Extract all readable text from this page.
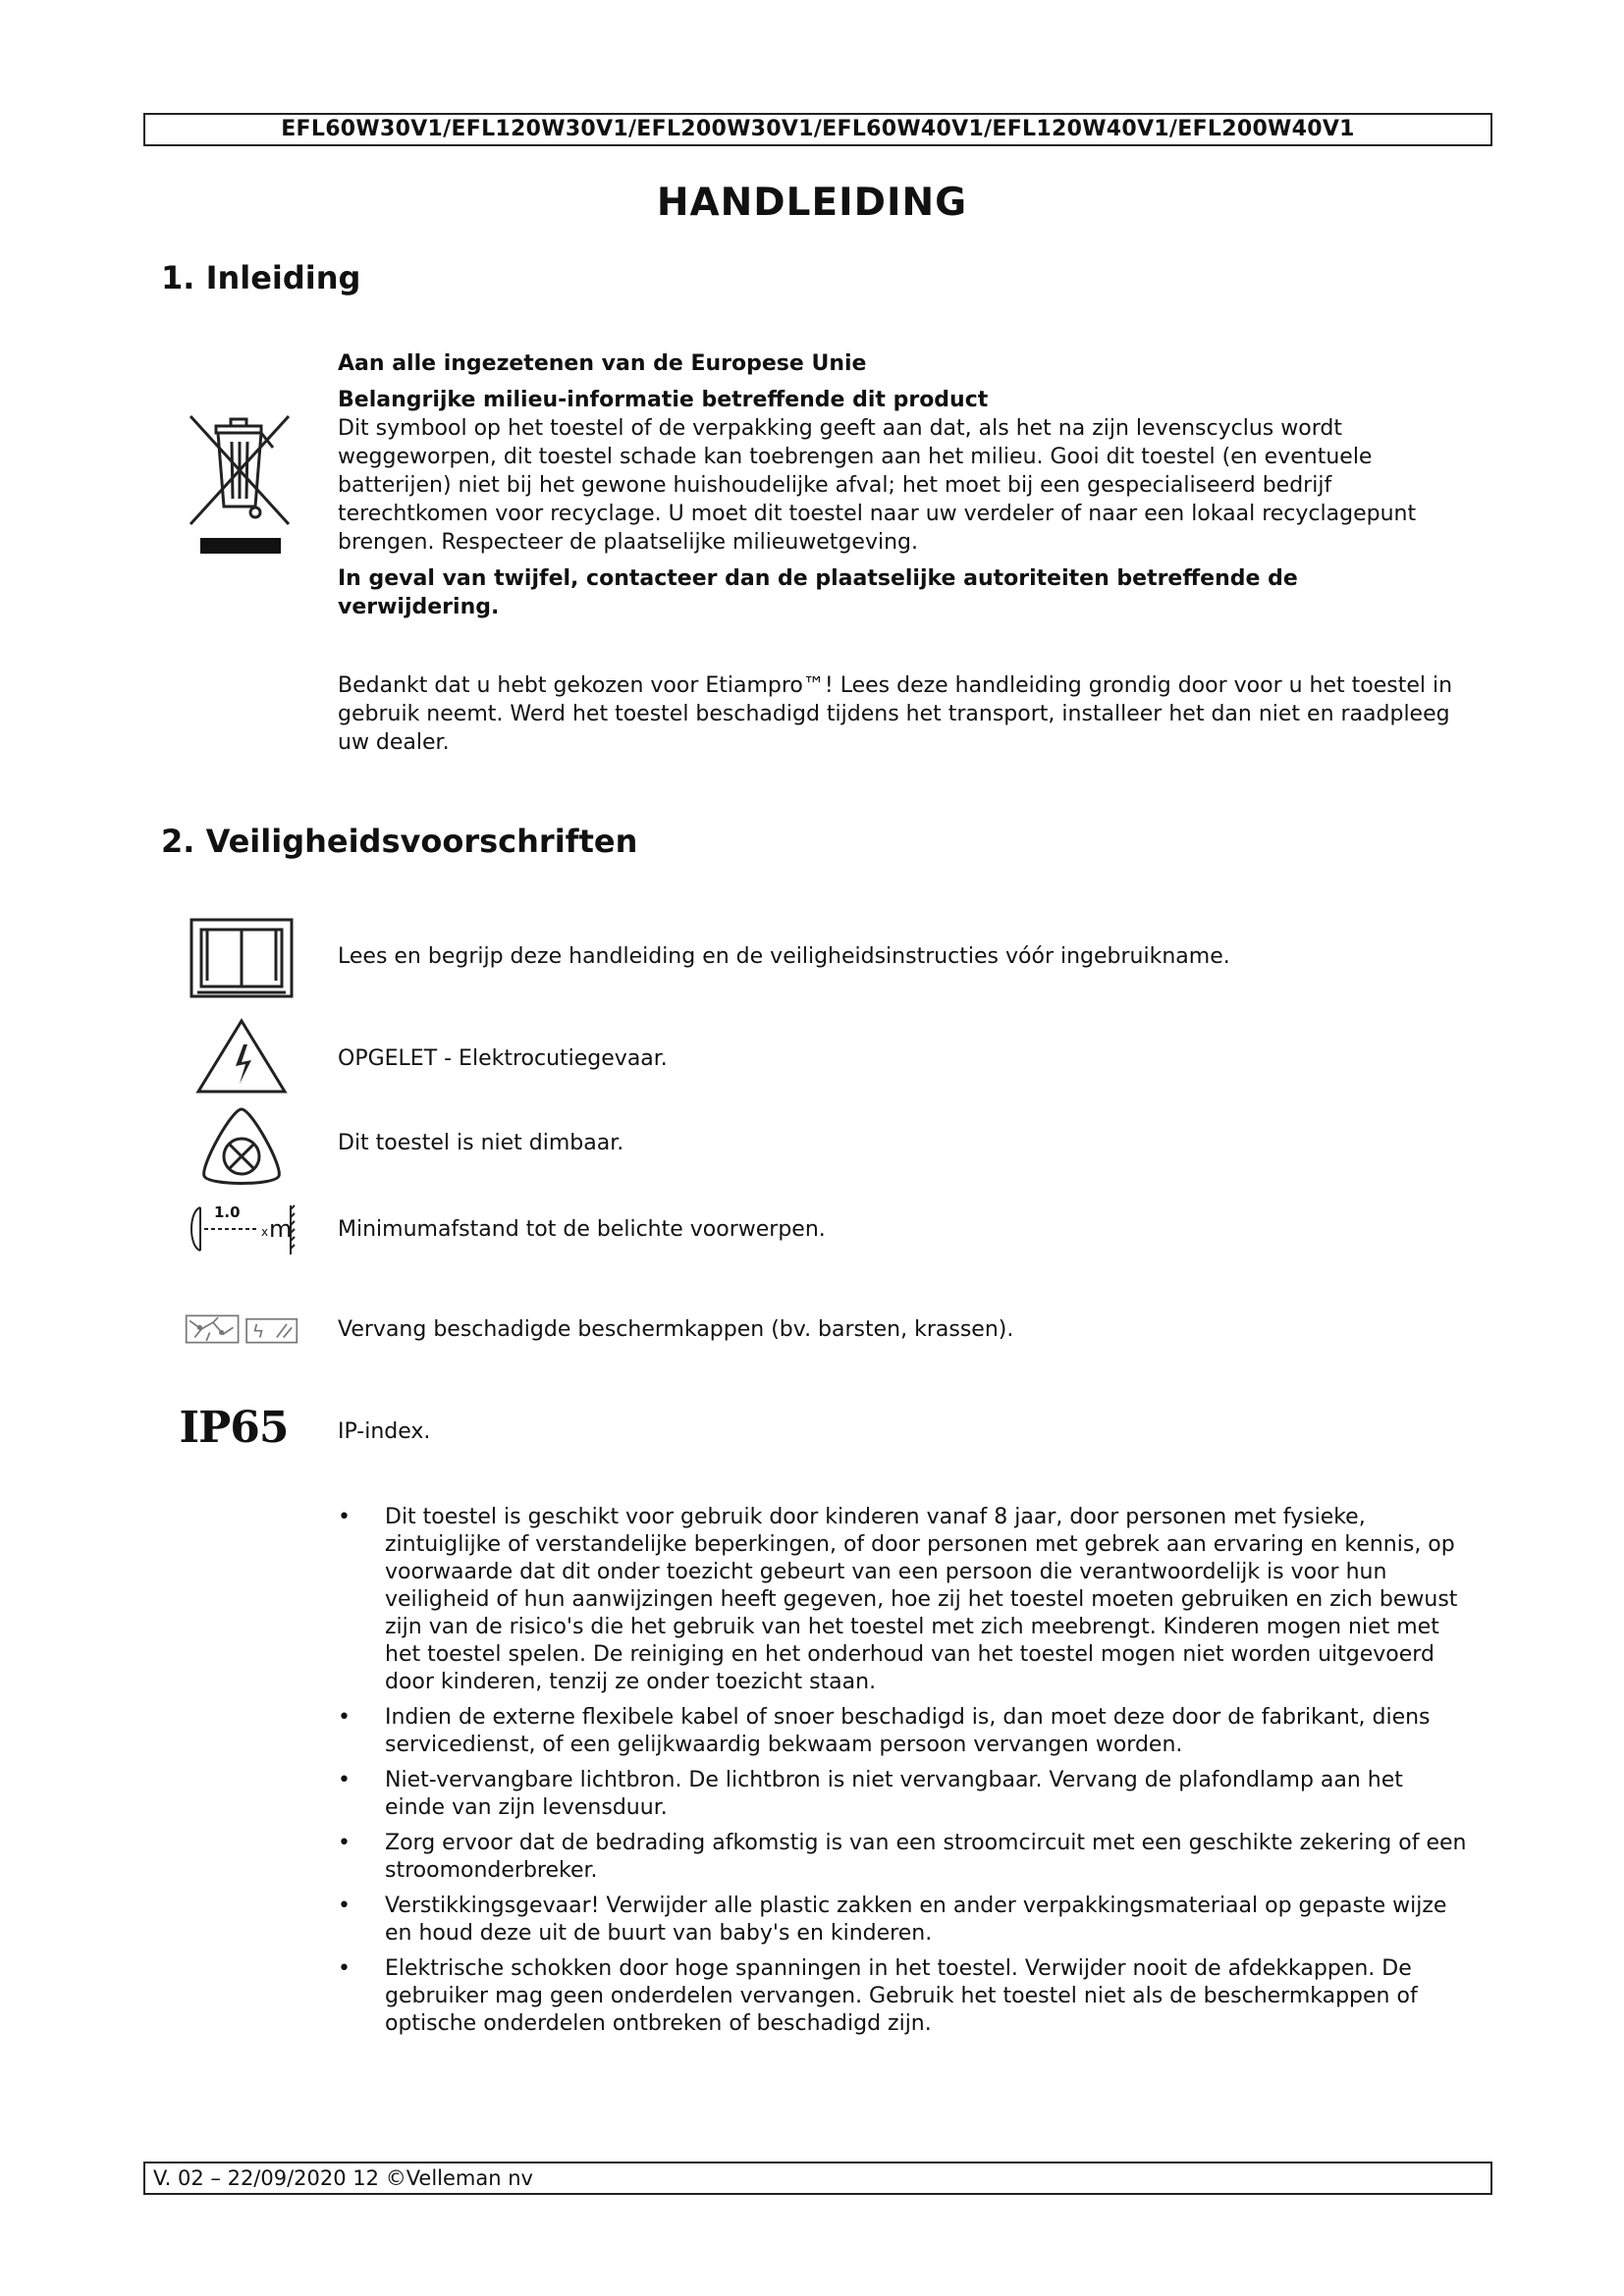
EFL60W30V1/EFL120W30V1/EFL200W30V1/EFL60W40V1/EFL120W40V1/EFL200W40V1
HANDLEIDING
1. Inleiding

Aan alle ingezetenen van de Europese Unie

Belangrijke milieu-informatie betreffende dit product

Dit symbool op het toestel of de verpakking geeft aan dat, als het na zijn levenscyclus wordt weggeworpen, dit toestel schade kan toebrengen aan het milieu. Gooi dit toestel (en eventuele batterijen) niet bij het gewone huishoudelijke afval; het moet bij een gespecialiseerd bedrijf terechtkomen voor recyclage. U moet dit toestel naar uw verdeler of naar een lokaal recyclagepunt brengen. Respecteer de plaatselijke milieuwetgeving.

In geval van twijfel, contacteer dan de plaatselijke autoriteiten betreffende de verwijdering.

Bedankt dat u hebt gekozen voor Etiampro™! Lees deze handleiding grondig door voor u het toestel in gebruik neemt. Werd het toestel beschadigd tijdens het transport, installeer het dan niet en raadpleeg uw dealer.

2. Veiligheidsvoorschriften
Lees en begrijp deze handleiding en de veiligheidsinstructies vóór ingebruikname.
OPGELET - Elektrocutiegevaar.
Dit toestel is niet dimbaar.
1.0
x m Minimumafstand tot de belichte voorwerpen.
Vervang beschadigde beschermkappen (bv. barsten, krassen).
IP65 IP-index.
• Dit toestel is geschikt voor gebruik door kinderen vanaf 8 jaar, door personen met fysieke, zintuiglijke of verstandelijke beperkingen, of door personen met gebrek aan ervaring en kennis, op voorwaarde dat dit onder toezicht gebeurt van een persoon die verantwoordelijk is voor hun veiligheid of hun aanwijzingen heeft gegeven, hoe zij het toestel moeten gebruiken en zich bewust zijn van de risico's die het gebruik van het toestel met zich meebrengt. Kinderen mogen niet met het toestel spelen. De reiniging en het onderhoud van het toestel mogen niet worden uitgevoerd door kinderen, tenzij ze onder toezicht staan.
• Indien de externe flexibele kabel of snoer beschadigd is, dan moet deze door de fabrikant, diens servicedienst, of een gelijkwaardig bekwaam persoon vervangen worden.
• Niet-vervangbare lichtbron. De lichtbron is niet vervangbaar. Vervang de plafondlamp aan het einde van zijn levensduur.
• Zorg ervoor dat de bedrading afkomstig is van een stroomcircuit met een geschikte zekering of een stroomonderbreker.
• Verstikkingsgevaar! Verwijder alle plastic zakken en ander verpakkingsmateriaal op gepaste wijze en houd deze uit de buurt van baby's en kinderen.
• Elektrische schokken door hoge spanningen in het toestel. Verwijder nooit de afdekkappen. De gebruiker mag geen onderdelen vervangen. Gebruik het toestel niet als de beschermkappen of optische onderdelen ontbreken of beschadigd zijn.
V. 02 – 22/09/2020 12 ©Velleman nv
